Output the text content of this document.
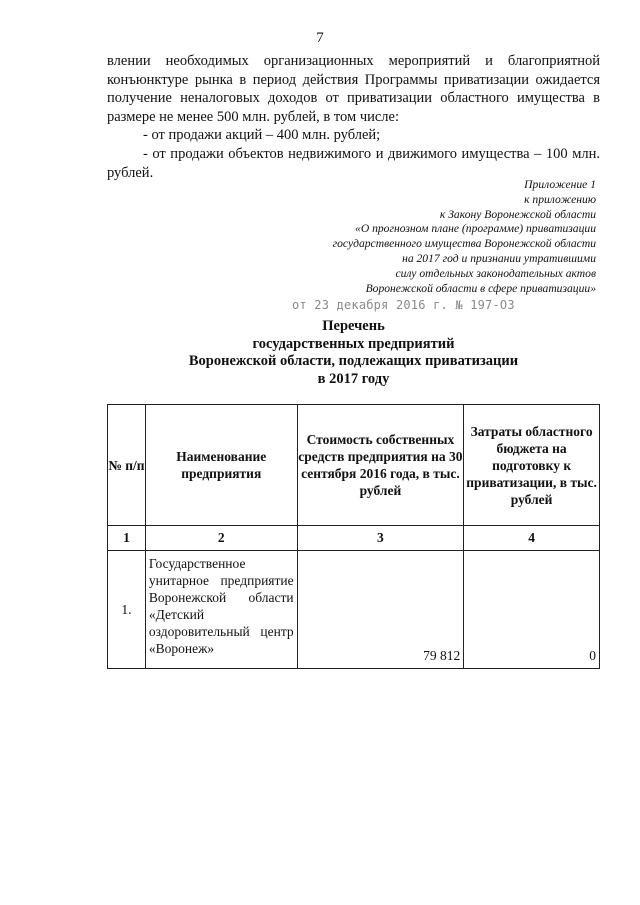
7

влении необходимых организационных мероприятий и благоприятной конъюнктуре рынка в период действия Программы приватизации ожидается получение неналоговых доходов от приватизации областного имущества в размере не менее 500 млн. рублей, в том числе:

- от продажи акций – 400 млн. рублей;

- от продажи объектов недвижимого и движимого имущества – 100 млн. рублей.

Приложение 1
к приложению
к Закону Воронежской области
«О прогнозном плане (программе) приватизации
государственного имущества Воронежской области
на 2017 год и признании утратившими
силу отдельных законодательных актов
Воронежской области в сфере приватизации»
от 23 декабря 2016 г. № 197-ОЗ
Перечень
государственных предприятий
Воронежской области, подлежащих приватизации
в 2017 году
№ п/п	Наименование предприятия	Стоимость собственных средств предприятия на 30 сентября 2016 года, в тыс. рублей	Затраты областного бюджета на подготовку к приватизации, в тыс. рублей
1	2	3	4
1.	Государственное унитарное предприятие Воронежской области «Детский оздоровительный центр «Воронеж»	79 812	0
